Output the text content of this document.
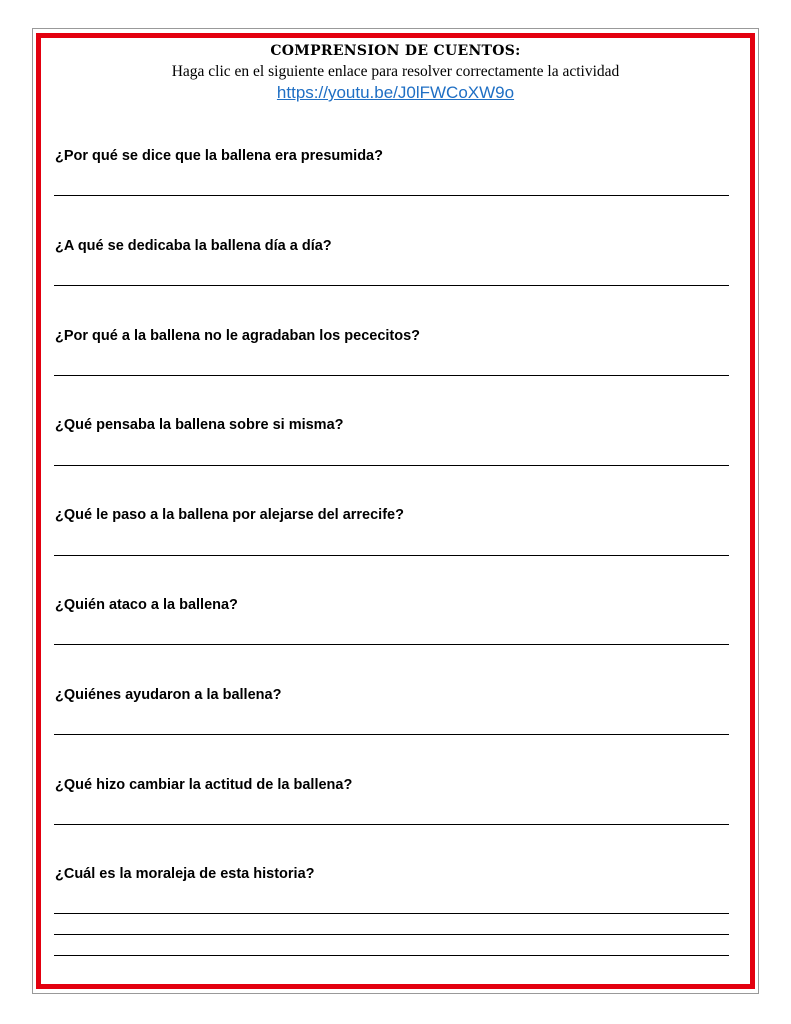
COMPRENSION DE CUENTOS:
Haga clic en el siguiente enlace para resolver correctamente la actividad
https://youtu.be/J0lFWCoXW9o
¿Por qué se dice que la ballena era presumida?
¿A qué se dedicaba la ballena día a día?
¿Por qué a la ballena no le agradaban los pececitos?
¿Qué pensaba la ballena sobre si misma?
¿Qué le paso a la ballena por alejarse del arrecife?
¿Quién ataco a la ballena?
¿Quiénes ayudaron a la ballena?
¿Qué hizo cambiar la actitud de la ballena?
¿Cuál es la moraleja de esta historia?
